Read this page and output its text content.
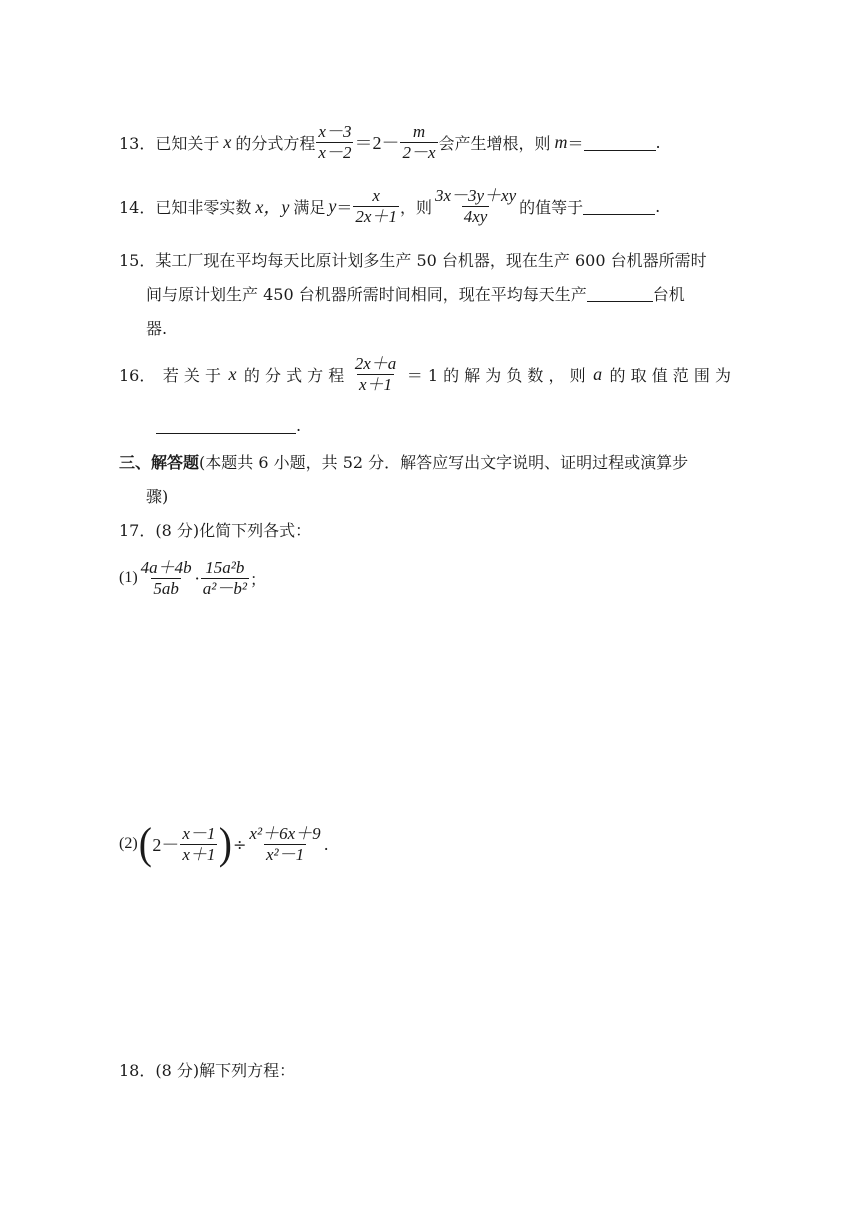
13． 已知关于 x 的分式方程 $\frac{x-3}{x-2} =2- \frac{m}{2-x}$ 会产生增根，则 m ＝	.
14． 已知非零实数 x，y 满足 $y = \frac{x}{2x+1}$ ，则 $\frac{3x-3y+xy}{4xy}$ 的值等于	.
15．某工厂现在平均每天比原计划多生产 50 台机器，现在生产 600 台机器所需时
间与原计划生产 450 台机器所需时间相同，现在平均每天生产	台机
器.
16． 若 关 于 x 的 分 式 方 程 $\frac{2x+a}{x+1} = 1$ 的 解 为 负 数 ， 则 a 的 取 值 范 围 为
.
三、解答题 (本题共 6 小题，共 52 分．解答应写出文字说明、证明过程或演算步
骤)
17．(8 分)化简下列各式：
$(1) \frac{4a+4b}{5ab} \cdot \frac{\text{15a²b}}{\text{a²－b²}}$ ；
(2) ( $2- \frac{x-1}{x+1}$ ) ÷ $\frac{\text{x²＋6x＋9}}{\text{x²－1}}$ .
18．(8 分)解下列方程：
